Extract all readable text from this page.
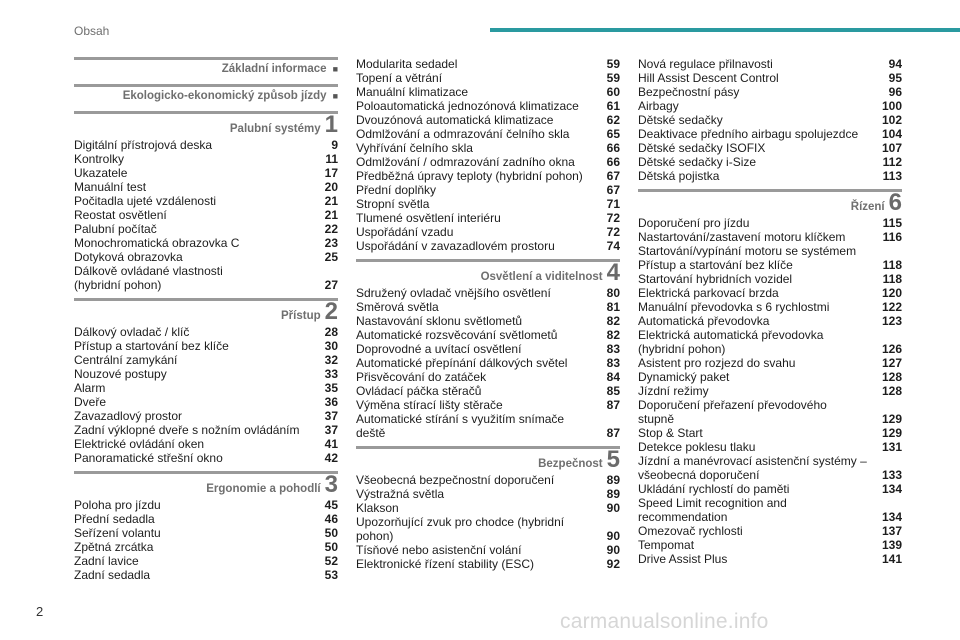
Obsah
Základní informace ■
Ekologicko-ekonomický způsob jízdy ■
Palubní systémy 1
Digitální přístrojová deska	9
Kontrolky	11
Ukazatele	17
Manuální test	20
Počitadla ujeté vzdálenosti	21
Reostat osvětlení	21
Palubní počítač	22
Monochromatická obrazovka C	23
Dotyková obrazovka	25
Dálkově ovládané vlastnosti
(hybridní pohon)	27
Přístup 2
Dálkový ovladač / klíč	28
Přístup a startování bez klíče	30
Centrální zamykání	32
Nouzové postupy	33
Alarm	35
Dveře	36
Zavazadlový prostor	37
Zadní výklopné dveře s nožním ovládáním	37
Elektrické ovládání oken	41
Panoramatické střešní okno	42
Ergonomie a pohodlí 3
Poloha pro jízdu	45
Přední sedadla	46
Seřízení volantu	50
Zpětná zrcátka	50
Zadní lavice	52
Zadní sedadla	53
Modularita sedadel	59
Topení a větrání	59
Manuální klimatizace	60
Poloautomatická jednozónová klimatizace	61
Dvouzónová automatická klimatizace	62
Odmlžování a odmrazování čelního skla	65
Vyhřívání čelního skla	66
Odmlžování / odmrazování zadního okna	66
Předběžná úpravy teploty (hybridní pohon)	67
Přední doplňky	67
Stropní světla	71
Tlumené osvětlení interiéru	72
Uspořádání vzadu	72
Uspořádání v zavazadlovém prostoru	74
Osvětlení a viditelnost 4
Sdružený ovladač vnějšího osvětlení	80
Směrová světla	81
Nastavování sklonu světlometů	82
Automatické rozsvěcování světlometů	82
Doprovodné a uvítací osvětlení	83
Automatické přepínání dálkových světel	83
Přisvěcování do zatáček	84
Ovládací páčka stěračů	85
Výměna stírací lišty stěrače	87
Automatické stírání s využitím snímače
deště	87
Bezpečnost 5
Všeobecná bezpečnostní doporučení	89
Výstražná světla	89
Klakson	90
Upozorňující zvuk pro chodce (hybridní
pohon)	90
Tísňové nebo asistenční volání	90
Elektronické řízení stability (ESC)	92
Nová regulace přilnavosti	94
Hill Assist Descent Control	95
Bezpečnostní pásy	96
Airbagy	100
Dětské sedačky	102
Deaktivace předního airbagu spolujezdce	104
Dětské sedačky ISOFIX	107
Dětské sedačky i-Size	112
Dětská pojistka	113
Řízení 6
Doporučení pro jízdu	115
Nastartování/zastavení motoru klíčkem	116
Startování/vypínání motoru se systémem
Přístup a startování bez klíče	118
Startování hybridních vozidel	118
Elektrická parkovací brzda	120
Manuální převodovka s 6 rychlostmi	122
Automatická převodovka	123
Elektrická automatická převodovka
(hybridní pohon)	126
Asistent pro rozjezd do svahu	127
Dynamický paket	128
Jízdní režimy	128
Doporučení přeřazení převodového
stupně	129
Stop & Start	129
Detekce poklesu tlaku	131
Jízdní a manévrovací asistenční systémy –
všeobecná doporučení	133
Ukládání rychlostí do paměti	134
Speed Limit recognition and
recommendation	134
Omezovač rychlosti	137
Tempomat	139
Drive Assist Plus	141
2	carmanualsonline.info
